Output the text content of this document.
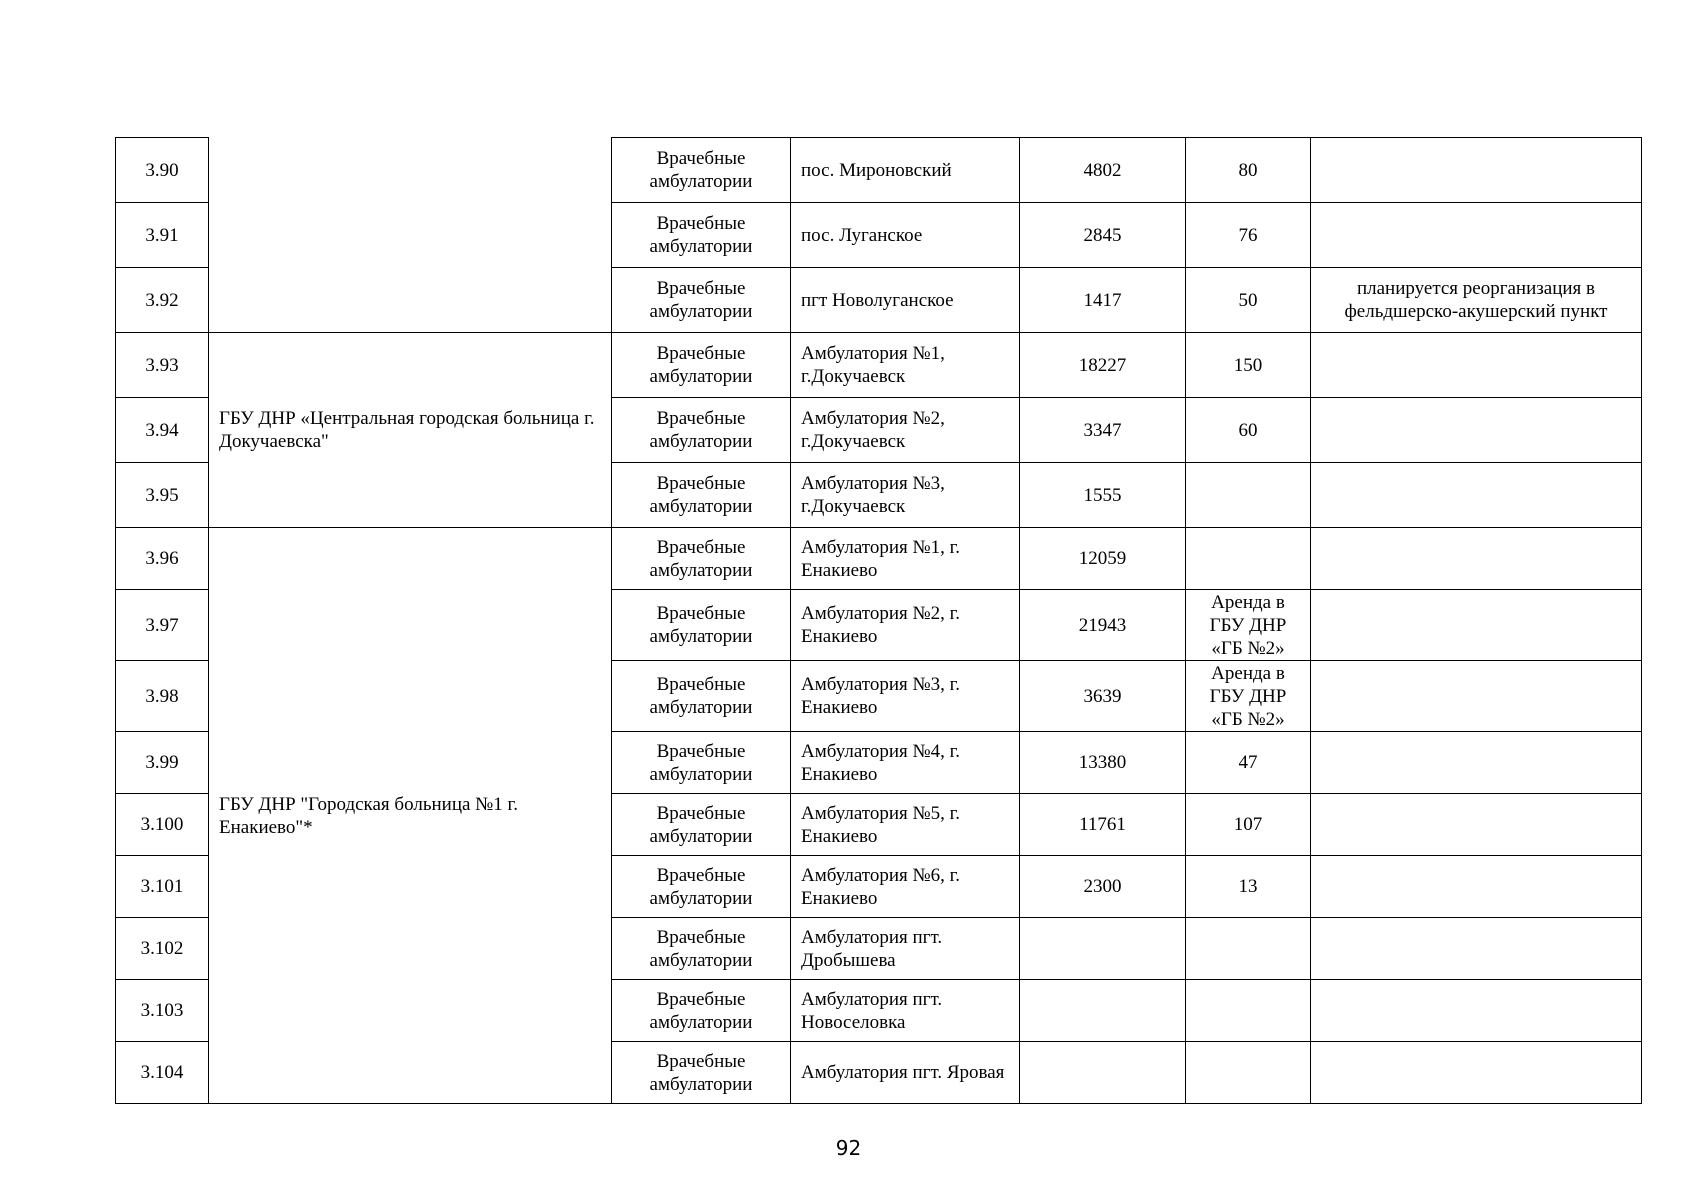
3.90		Врачебные амбулатории	пос. Мироновский	4802	80	
3.91		Врачебные амбулатории	пос. Луганское	2845	76	
3.92		Врачебные амбулатории	пгт Новолуганское	1417	50	планируется реорганизация в фельдшерско-акушерский пункт
3.93	ГБУ ДНР «Центральная городская больница г. Докучаевска"	Врачебные амбулатории	Амбулатория №1, г.Докучаевск	18227	150	
3.94		Врачебные амбулатории	Амбулатория №2, г.Докучаевск	3347	60	
3.95		Врачебные амбулатории	Амбулатория №3, г.Докучаевск	1555		
3.96	ГБУ ДНР "Городская больница №1 г. Енакиево"*	Врачебные амбулатории	Амбулатория №1, г. Енакиево	12059		
3.97		Врачебные амбулатории	Амбулатория №2, г. Енакиево	21943	Аренда в ГБУ ДНР «ГБ №2»	
3.98		Врачебные амбулатории	Амбулатория №3, г. Енакиево	3639	Аренда в ГБУ ДНР «ГБ №2»	
3.99		Врачебные амбулатории	Амбулатория №4, г. Енакиево	13380	47	
3.100		Врачебные амбулатории	Амбулатория №5, г. Енакиево	11761	107	
3.101		Врачебные амбулатории	Амбулатория №6, г. Енакиево	2300	13	
3.102		Врачебные амбулатории	Амбулатория пгт. Дробышева			
3.103		Врачебные амбулатории	Амбулатория пгт. Новоселовка			
3.104		Врачебные амбулатории	Амбулатория пгт. Яровая			
92
